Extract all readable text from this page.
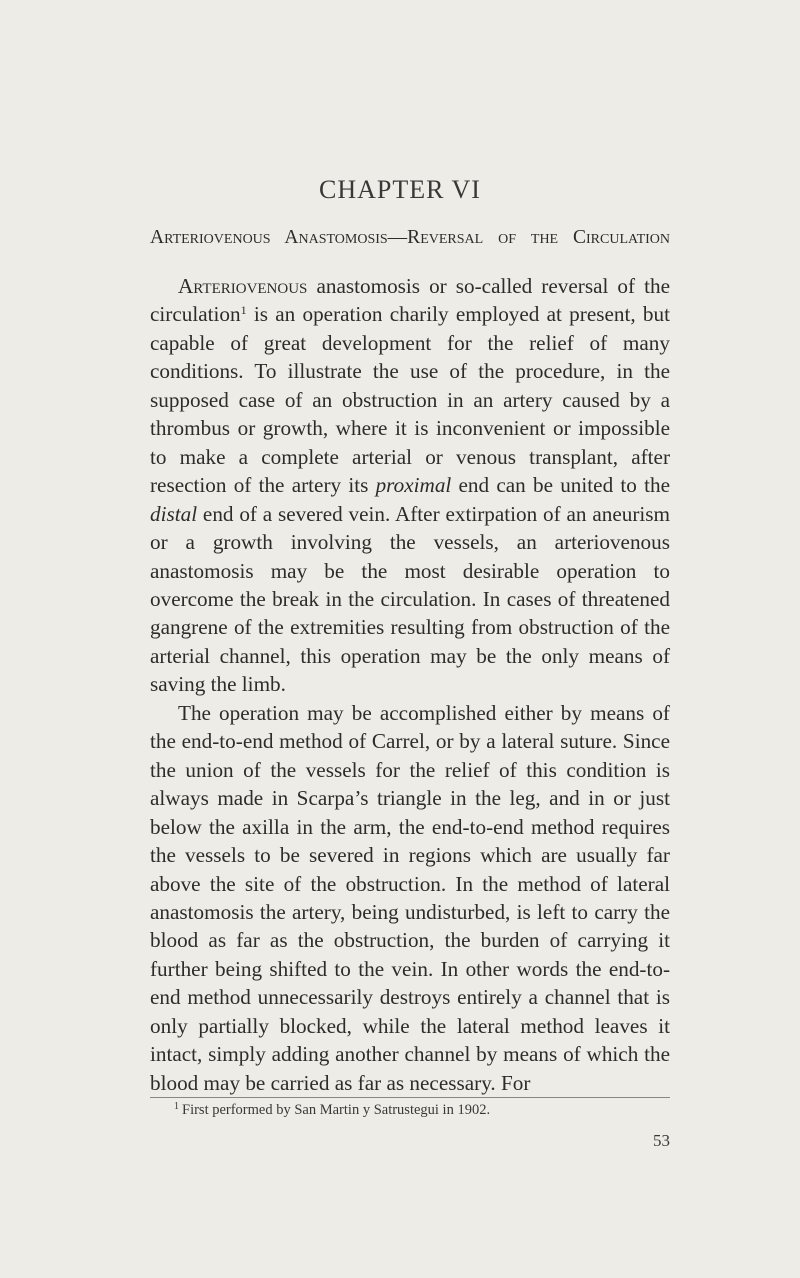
CHAPTER VI
Arteriovenous Anastomosis—Reversal of the Circulation

Arteriovenous anastomosis or so-called reversal of the circulation$^1$ is an operation charily employed at present, but capable of great development for the relief of many conditions. To illustrate the use of the procedure, in the supposed case of an obstruction in an artery caused by a thrombus or growth, where it is inconvenient or impossible to make a complete arterial or venous transplant, after resection of the artery its proximal end can be united to the distal end of a severed vein. After extirpation of an aneurism or a growth involving the vessels, an arteriovenous anastomosis may be the most desirable operation to overcome the break in the circulation. In cases of threatened gangrene of the extremities resulting from obstruction of the arterial channel, this operation may be the only means of saving the limb.

The operation may be accomplished either by means of the end-to-end method of Carrel, or by a lateral suture. Since the union of the vessels for the relief of this condition is always made in Scarpa’s triangle in the leg, and in or just below the axilla in the arm, the end-to-end method requires the vessels to be severed in regions which are usually far above the site of the obstruction. In the method of lateral anastomosis the artery, being undisturbed, is left to carry the blood as far as the obstruction, the burden of carrying it further being shifted to the vein. In other words the end-to-end method unnecessarily destroys entirely a channel that is only partially blocked, while the lateral method leaves it intact, simply adding another channel by means of which the blood may be carried as far as necessary. For

$^1$ First performed by San Martin y Satrustegui in 1902.
53
